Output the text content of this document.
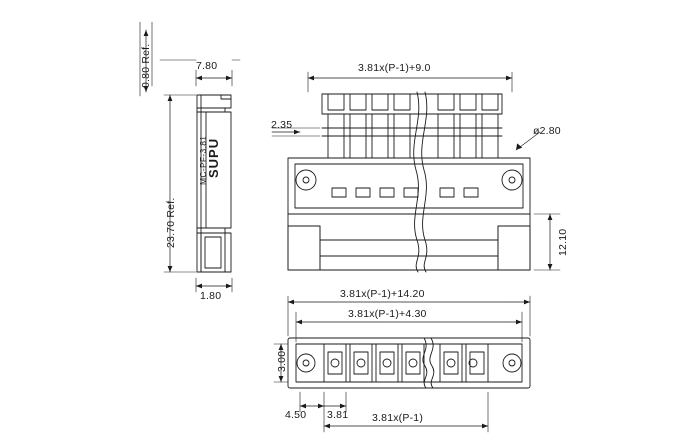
0.80 Ref.	7.80
23.70 Ref.
1.80
SUPU
MC-PF-3.81
3.81x(P-1)+9.0
2.35	ø2.80
12.10
3.81x(P-1)+14.20
3.81x(P-1)+4.30
3.00
4.50 3.81 3.81x(P-1)
